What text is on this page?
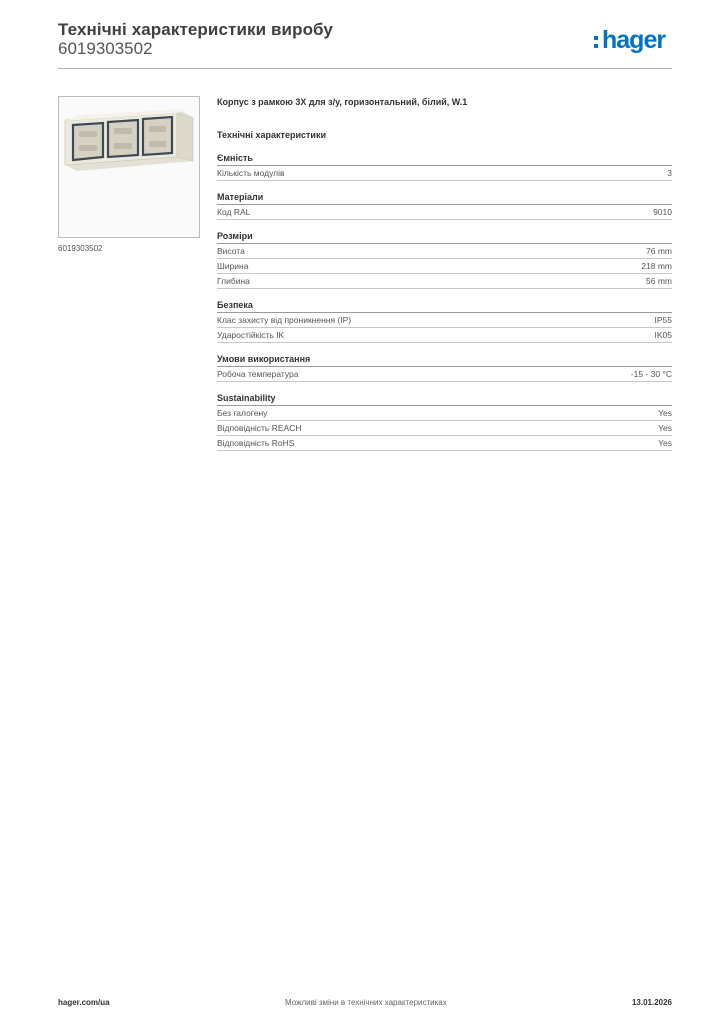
Технічні характеристики виробу
6019303502	hager
6019303502
Корпус з рамкою 3Х для з/у, горизонтальний, білий, W.1
Технічні характеристики
Ємність
Кількість модулів	3
Матеріали
Код RAL	9010
Розміри
Висота	76 mm
Ширина	218 mm
Глибина	56 mm
Безпека
Клас захисту від проникнення (IP)	IP55
Ударостійкість IK	IK05
Умови використання
Робоча температура	-15 - 30 °C
Sustainability
Без галогену	Yes
Відповідність REACH	Yes
Відповідність RoHS	Yes
hager.com/ua	Можливі зміни в технічних характеристиках	13.01.2026
